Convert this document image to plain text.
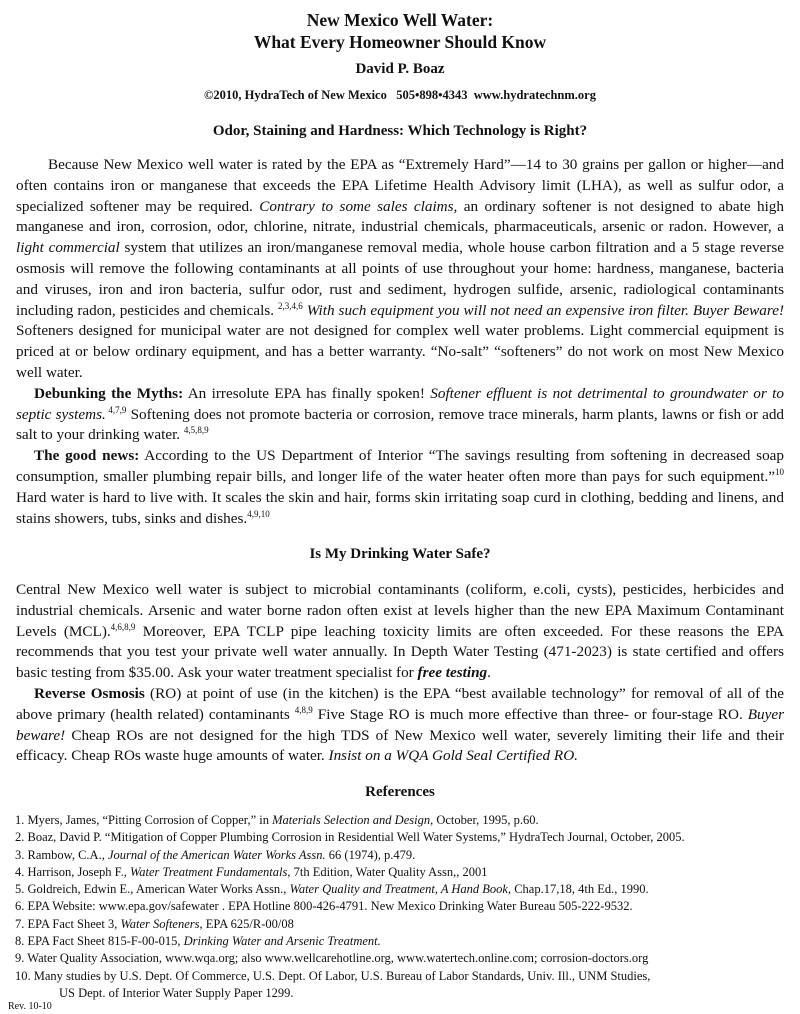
New Mexico Well Water:
What Every Homeowner Should Know
David P. Boaz
©2010, HydraTech of New Mexico   505•898•4343  www.hydratechnm.org
Odor, Staining and Hardness: Which Technology is Right?

Because New Mexico well water is rated by the EPA as “Extremely Hard”—14 to 30 grains per gallon or higher—and often contains iron or manganese that exceeds the EPA Lifetime Health Advisory limit (LHA), as well as sulfur odor, a specialized softener may be required. Contrary to some sales claims, an ordinary softener is not designed to abate high manganese and iron, corrosion, odor, chlorine, nitrate, industrial chemicals, pharmaceuticals, arsenic or radon. However, a light commercial system that utilizes an iron/manganese removal media, whole house carbon filtration and a 5 stage reverse osmosis will remove the following contaminants at all points of use throughout your home: hardness, manganese, bacteria and viruses, iron and iron bacteria, sulfur odor, rust and sediment, hydrogen sulfide, arsenic, radiological contaminants including radon, pesticides and chemicals. $^{2,3,4,6}$ With such equipment you will not need an expensive iron filter. Buyer Beware! Softeners designed for municipal water are not designed for complex well water problems. Light commercial equipment is priced at or below ordinary equipment, and has a better warranty. “No-salt” “softeners” do not work on most New Mexico well water.

Debunking the Myths: An irresolute EPA has finally spoken! Softener effluent is not detrimental to groundwater or to septic systems. $^{4,7,9}$ Softening does not promote bacteria or corrosion, remove trace minerals, harm plants, lawns or fish or add salt to your drinking water. $^{4,5,8,9}$

The good news: According to the US Department of Interior “The savings resulting from softening in decreased soap consumption, smaller plumbing repair bills, and longer life of the water heater often more than pays for such equipment.”$^{10}$ Hard water is hard to live with. It scales the skin and hair, forms skin irritating soap curd in clothing, bedding and linens, and stains showers, tubs, sinks and dishes.$^{4,9,10}$

Is My Drinking Water Safe?

Central New Mexico well water is subject to microbial contaminants (coliform, e.coli, cysts), pesticides, herbicides and industrial chemicals. Arsenic and water borne radon often exist at levels higher than the new EPA Maximum Contaminant Levels (MCL).$^{4,6,8,9}$ Moreover, EPA TCLP pipe leaching toxicity limits are often exceeded. For these reasons the EPA recommends that you test your private well water annually. In Depth Water Testing (471-2023) is state certified and offers basic testing from $35.00. Ask your water treatment specialist for free testing.

Reverse Osmosis (RO) at point of use (in the kitchen) is the EPA “best available technology” for removal of all of the above primary (health related) contaminants $^{4,8,9}$ Five Stage RO is much more effective than three- or four-stage RO. Buyer beware! Cheap ROs are not designed for the high TDS of New Mexico well water, severely limiting their life and their efficacy. Cheap ROs waste huge amounts of water. Insist on a WQA Gold Seal Certified RO.

References
1. Myers, James, “Pitting Corrosion of Copper,” in Materials Selection and Design, October, 1995, p.60.
2. Boaz, David P. “Mitigation of Copper Plumbing Corrosion in Residential Well Water Systems,” HydraTech Journal, October, 2005.
3. Rambow, C.A., Journal of the American Water Works Assn. 66 (1974), p.479.
4. Harrison, Joseph F., Water Treatment Fundamentals, 7th Edition, Water Quality Assn,, 2001
5. Goldreich, Edwin E., American Water Works Assn., Water Quality and Treatment, A Hand Book, Chap.17,18, 4th Ed., 1990.
6. EPA Website: www.epa.gov/safewater . EPA Hotline 800-426-4791. New Mexico Drinking Water Bureau 505-222-9532.
7. EPA Fact Sheet 3, Water Softeners, EPA 625/R-00/08
8. EPA Fact Sheet 815-F-00-015, Drinking Water and Arsenic Treatment.
9. Water Quality Association, www.wqa.org; also www.wellcarehotline.org, www.watertech.online.com; corrosion-doctors.org
10. Many studies by U.S. Dept. Of Commerce, U.S. Dept. Of Labor, U.S. Bureau of Labor Standards, Univ. Ill., UNM Studies,
US Dept. of Interior Water Supply Paper 1299.
Rev. 10-10
